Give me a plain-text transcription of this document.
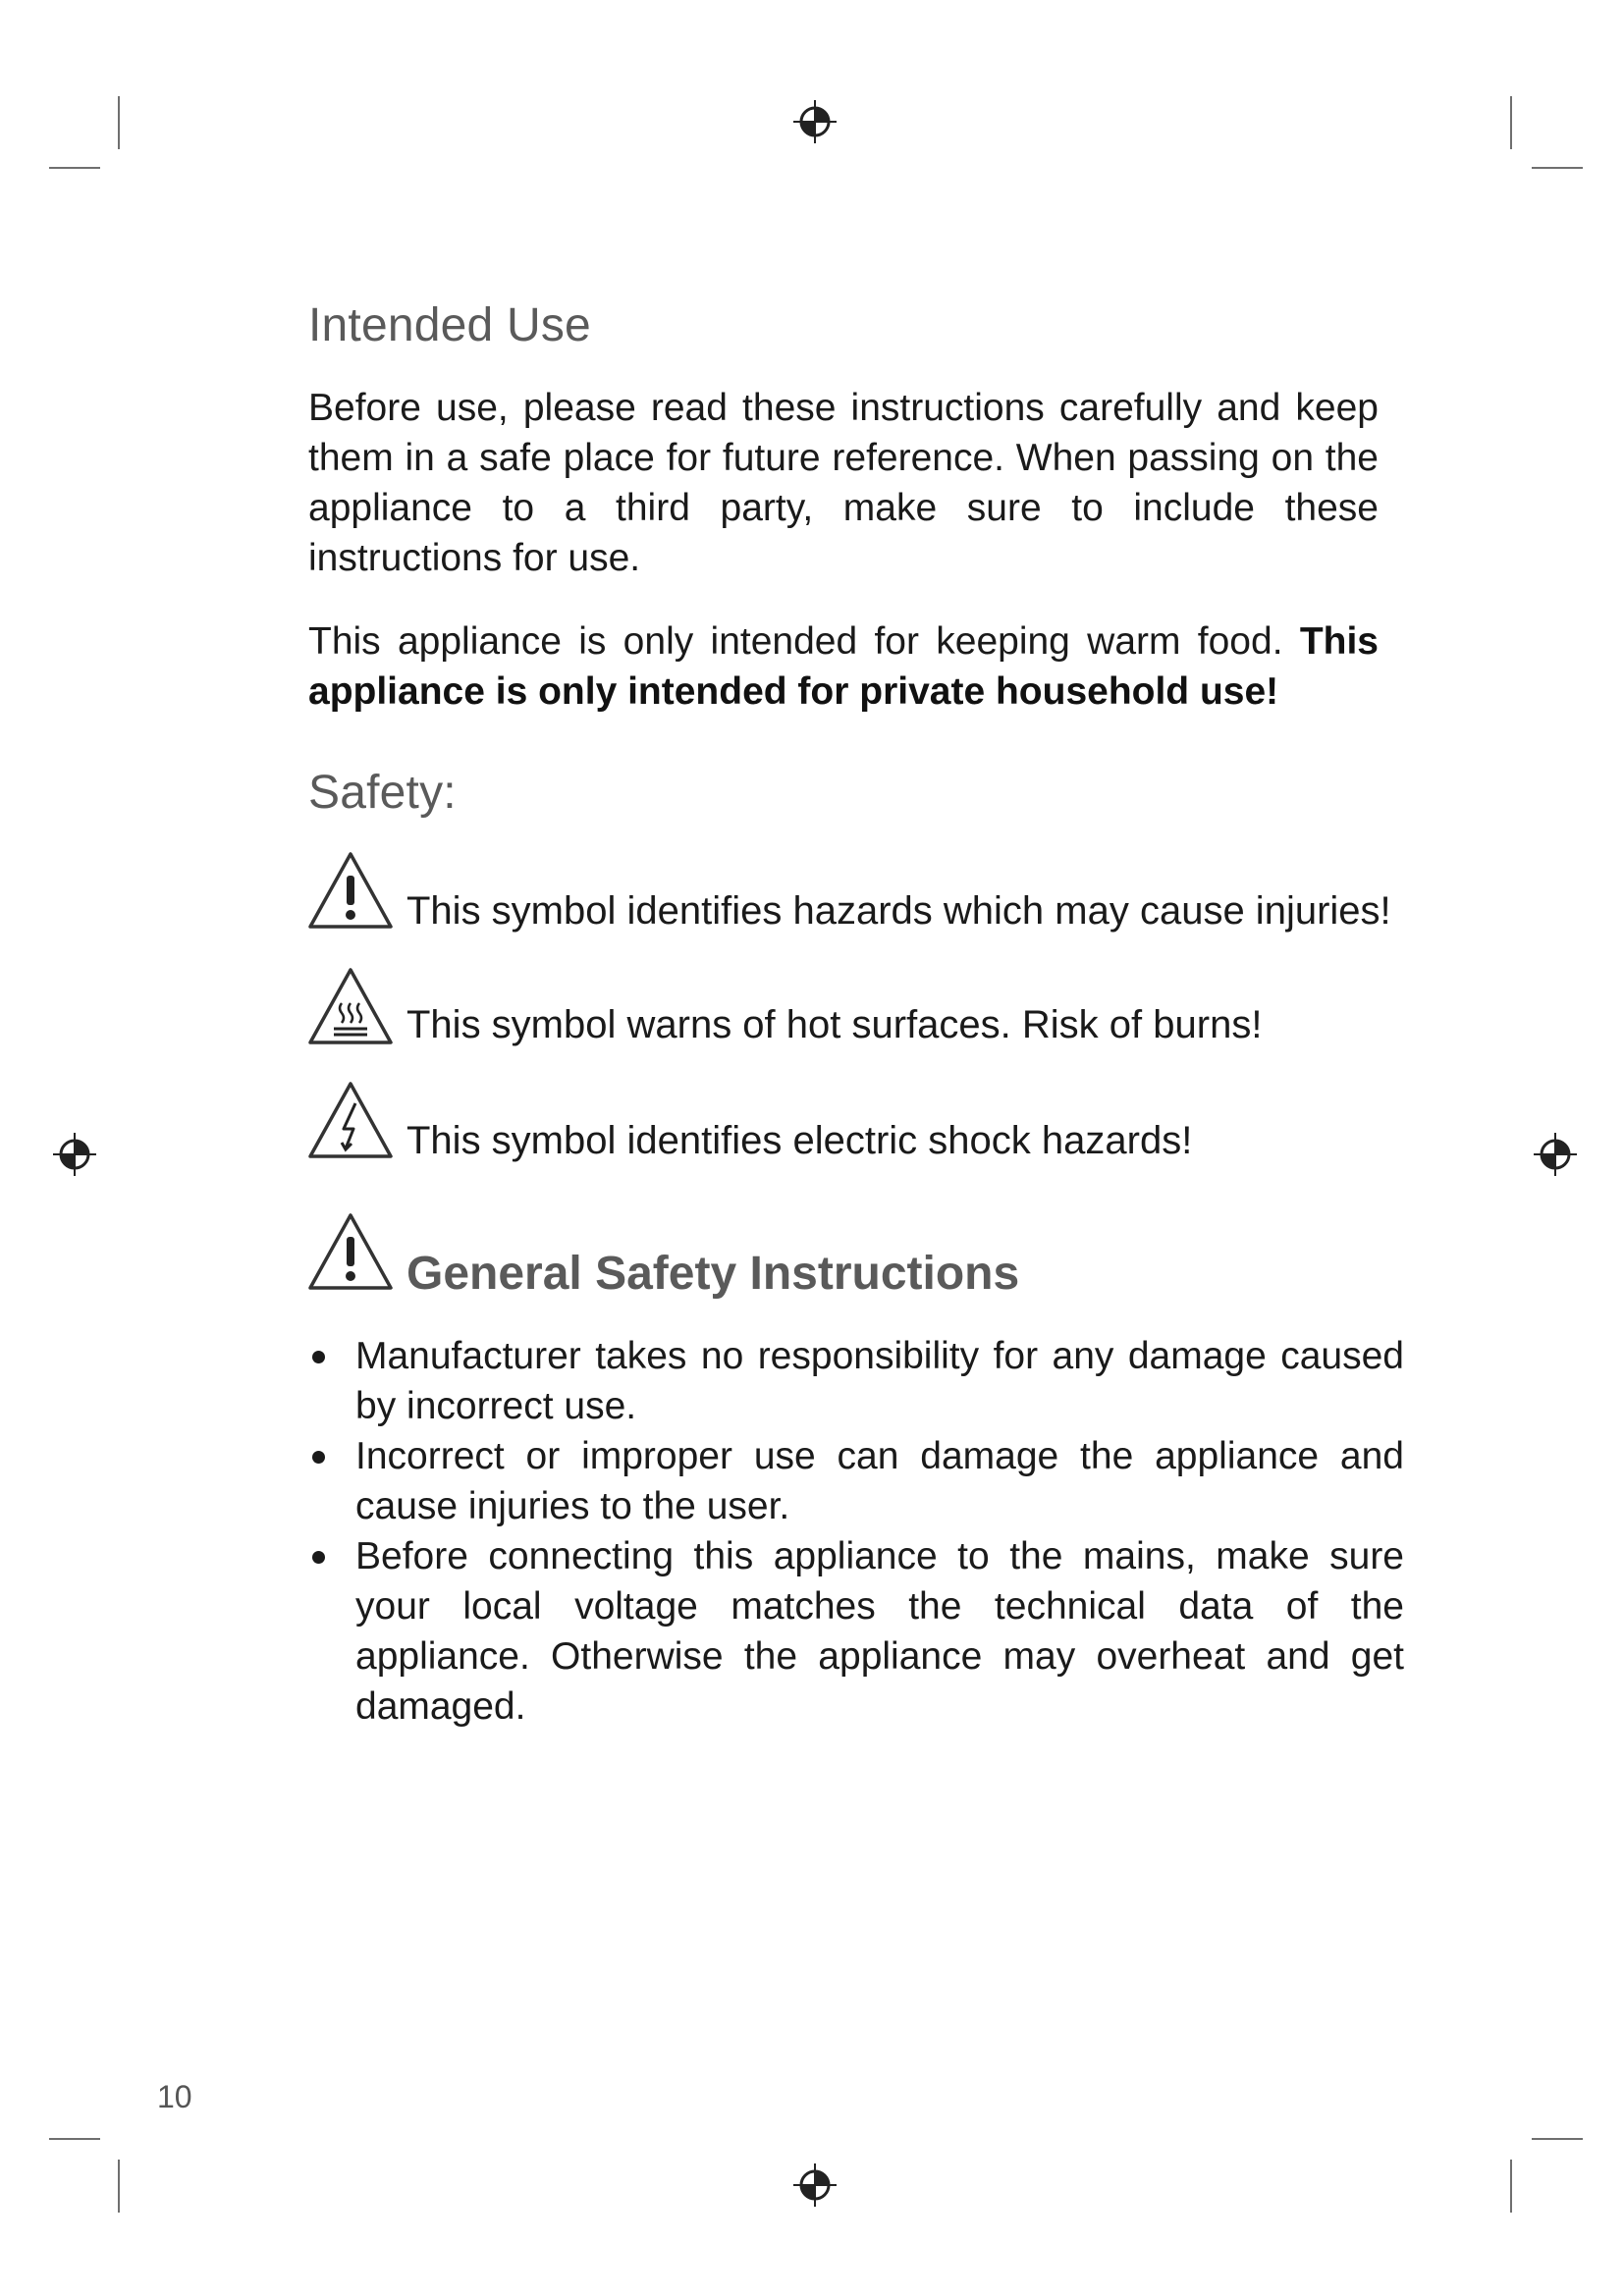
Intended Use

Before use, please read these instructions carefully and keep them in a safe place for future reference. When passing on the appliance to a third party, make sure to include these instructions for use.

This appliance is only intended for keeping warm food. This appliance is only intended for private household use!

Safety:
This symbol identifies hazards which may cause injuries!
This symbol warns of hot surfaces. Risk of burns!
This symbol identifies electric shock hazards!
General Safety Instructions
Manufacturer takes no responsibility for any damage caused by incorrect use.
Incorrect or improper use can damage the appliance and cause injuries to the user.
Before connecting this appliance to the mains, make sure your local voltage matches the technical data of the appliance. Otherwise the appliance may overheat and get damaged.
10
